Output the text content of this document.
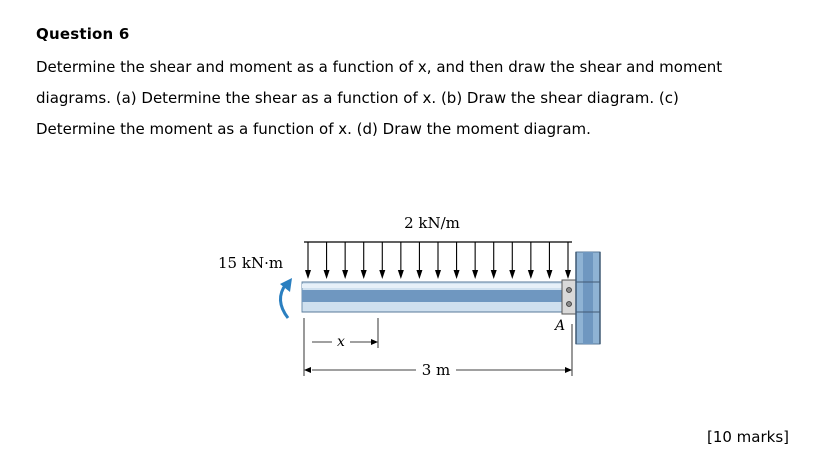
Question 6
Determine the shear and moment as a function of x, and then draw the shear and moment
diagrams. (a) Determine the shear as a function of x. (b) Draw the shear diagram. (c)
Determine the moment as a function of x. (d) Draw the moment diagram.
2 kN/m
15 kN·m
A
x
3 m
[10 marks]
